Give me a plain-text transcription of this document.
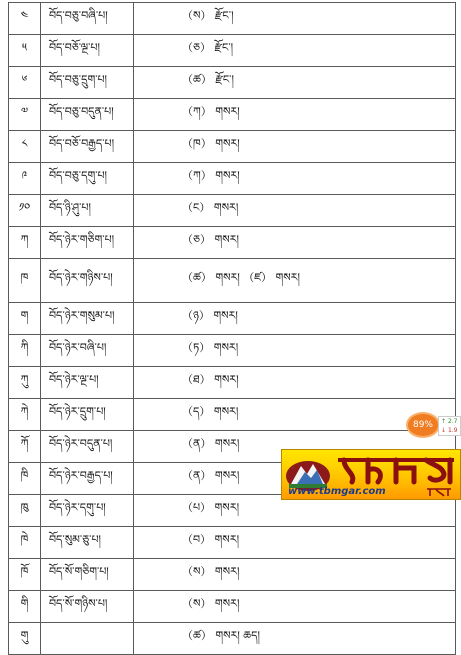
༤	བོད་བཅུ་བཞི་པ།	（ས） རྫོང་།
༥	བོད་བཅོ་ལྔ་པ།	（ཅ） རྫོང་།
༦	བོད་བཅུ་དྲུག་པ།	（ཚ） རྫོང་།
༧	བོད་བཅུ་བདུན་པ།	（ཀ） གསར།
༨	བོད་བཅོ་བརྒྱད་པ།	（ཁ） གསར།
༩	བོད་བཅུ་དགུ་པ།	（ཀ） གསར།
༡༠	བོད་ཉི་ཤུ་པ།	（ང） གསར།
ཀ	བོད་ཉེར་གཅིག་པ།	（ཅ） གསར།
ཁ	བོད་ཉེར་གཉིས་པ།	（ཚ） གསར། （ཛ） གསར།
ག	བོད་ཉེར་གསུམ་པ།	（ཉ） གསར།
ཀི	བོད་ཉེར་བཞི་པ།	（ཏ） གསར།
ཀུ	བོད་ཉེར་ལྔ་པ།	（ཐ） གསར།
ཀེ	བོད་ཉེར་དྲུག་པ།	（ད） གསར།
ཀོ	བོད་ཉེར་བདུན་པ།	（ན） གསར།
ཁི	བོད་ཉེར་བརྒྱད་པ།	（ན） གསར།
ཁུ	བོད་ཉེར་དགུ་པ།	（པ） གསར།
ཁེ	བོད་སུམ་ཅུ་པ།	（བ） གསར།
ཁོ	བོད་སོ་གཅིག་པ།	（ས） གསར།
གི	བོད་སོ་གཉིས་པ།	（ས） གསར།
གུ		（ཚ） གསར། ཆད།
89% ↑ 2.7
↓ 1.9
www.tbmgar.com
